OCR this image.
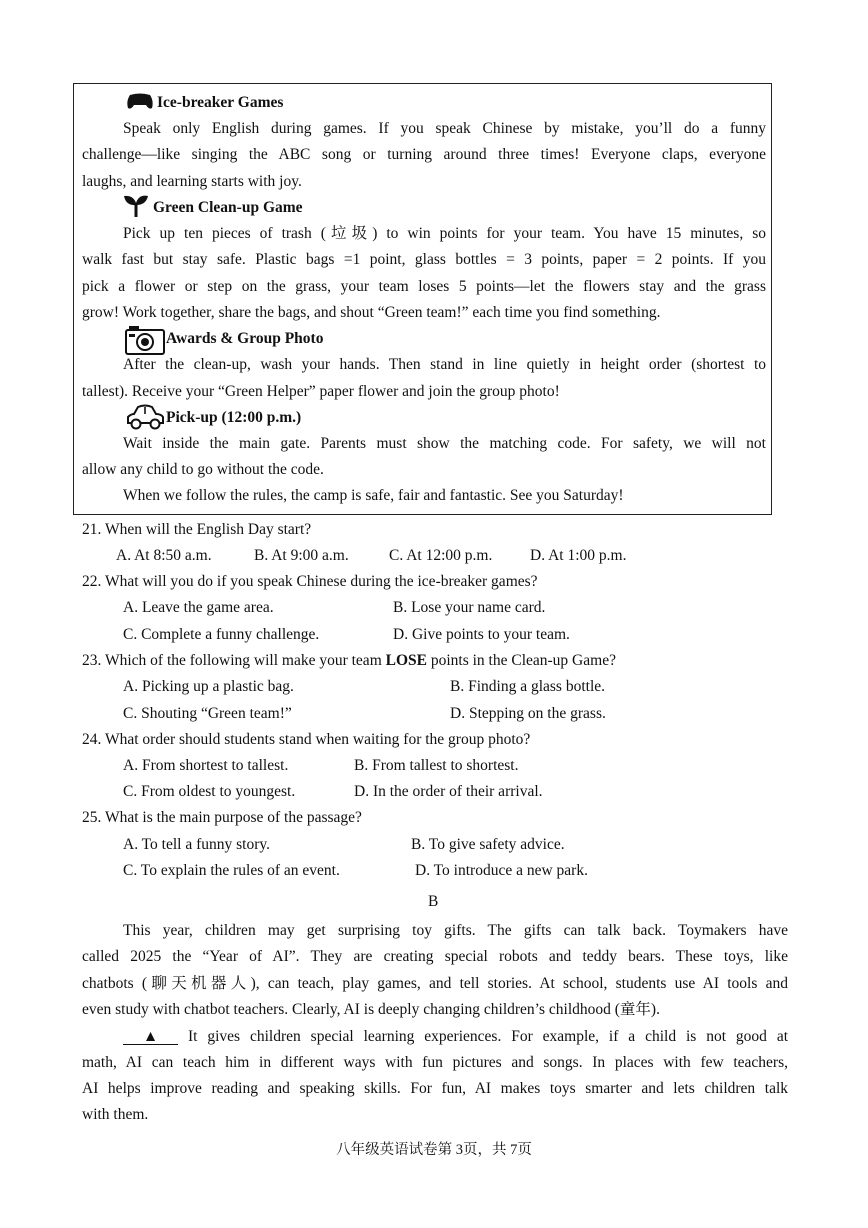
Ice-breaker Games
Speak only English during games. If you speak Chinese by mistake, you’ll do a funny
challenge—like singing the ABC song or turning around three times! Everyone claps, everyone
laughs, and learning starts with joy.
Green Clean-up Game
Pick up ten pieces of trash (垃圾) to win points for your team. You have 15 minutes, so
walk fast but stay safe. Plastic bags =1 point, glass bottles = 3 points, paper = 2 points. If you
pick a flower or step on the grass, your team loses 5 points—let the flowers stay and the grass
grow! Work together, share the bags, and shout “Green team!” each time you find something.
Awards & Group Photo
After the clean-up, wash your hands. Then stand in line quietly in height order (shortest to
tallest). Receive your “Green Helper” paper flower and join the group photo!
Pick-up (12:00 p.m.)
Wait inside the main gate. Parents must show the matching code. For safety, we will not
allow any child to go without the code.
When we follow the rules, the camp is safe, fair and fantastic. See you Saturday!
21. When will the English Day start?
A. At 8:50 a.m.	B. At 9:00 a.m.	C. At 12:00 p.m. D. At 1:00 p.m.
22. What will you do if you speak Chinese during the ice-breaker games?
A. Leave the game area.	B. Lose your name card.
C. Complete a funny challenge.	D. Give points to your team.
23. Which of the following will make your team LOSE points in the Clean-up Game?
A. Picking up a plastic bag.	B. Finding a glass bottle.
C. Shouting “Green team!”	D. Stepping on the grass.
24. What order should students stand when waiting for the group photo?
A. From shortest to tallest.	B. From tallest to shortest.
C. From oldest to youngest.	D. In the order of their arrival.
25. What is the main purpose of the passage?
A. To tell a funny story.	B. To give safety advice.
C. To explain the rules of an event.	D. To introduce a new park.
B
This year, children may get surprising toy gifts. The gifts can talk back. Toymakers have
called 2025 the “Year of AI”. They are creating special robots and teddy bears. These toys, like
chatbots (聊天机器人), can teach, play games, and tell stories. At school, students use AI tools and
even study with chatbot teachers. Clearly, AI is deeply changing children’s childhood (童年).
▲	It gives children special learning experiences. For example, if a child is not good at
math, AI can teach him in different ways with fun pictures and songs. In places with few teachers,
AI helps improve reading and speaking skills. For fun, AI makes toys smarter and lets children talk
with them.
八年级英语试卷第 3页，共 7页
